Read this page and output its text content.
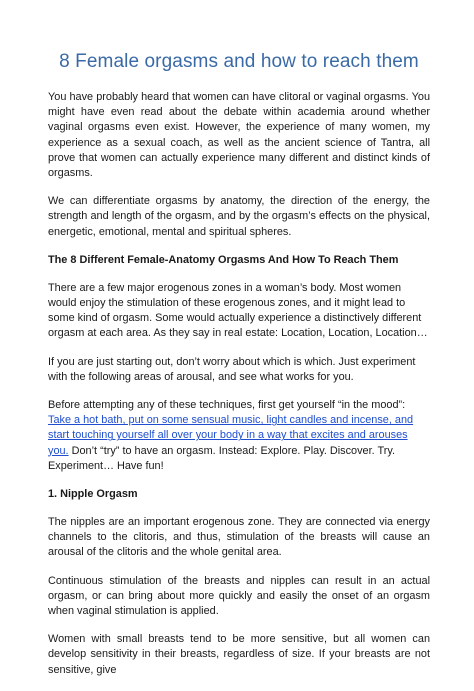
8 Female orgasms and how to reach them

You have probably heard that women can have clitoral or vaginal orgasms. You might have even read about the debate within academia around whether vaginal orgasms even exist. However, the experience of many women, my experience as a sexual coach, as well as the ancient science of Tantra, all prove that women can actually experience many different and distinct kinds of orgasms.

We can differentiate orgasms by anatomy, the direction of the energy, the strength and length of the orgasm, and by the orgasm’s effects on the physical, energetic, emotional, mental and spiritual spheres.

The 8 Different Female-Anatomy Orgasms And How To Reach Them

There are a few major erogenous zones in a woman’s body. Most women would enjoy the stimulation of these erogenous zones, and it might lead to some kind of orgasm. Some would actually experience a distinctively different orgasm at each area. As they say in real estate: Location, Location, Location…

If you are just starting out, don’t worry about which is which. Just experiment with the following areas of arousal, and see what works for you.

Before attempting any of these techniques, first get yourself “in the mood”: Take a hot bath, put on some sensual music, light candles and incense, and start touching yourself all over your body in a way that excites and arouses you. Don’t “try” to have an orgasm. Instead: Explore. Play. Discover. Try. Experiment… Have fun!

1. Nipple Orgasm

The nipples are an important erogenous zone. They are connected via energy channels to the clitoris, and thus, stimulation of the breasts will cause an arousal of the clitoris and the whole genital area.

Continuous stimulation of the breasts and nipples can result in an actual orgasm, or can bring about more quickly and easily the onset of an orgasm when vaginal stimulation is applied.

Women with small breasts tend to be more sensitive, but all women can develop sensitivity in their breasts, regardless of size. If your breasts are not sensitive, give
